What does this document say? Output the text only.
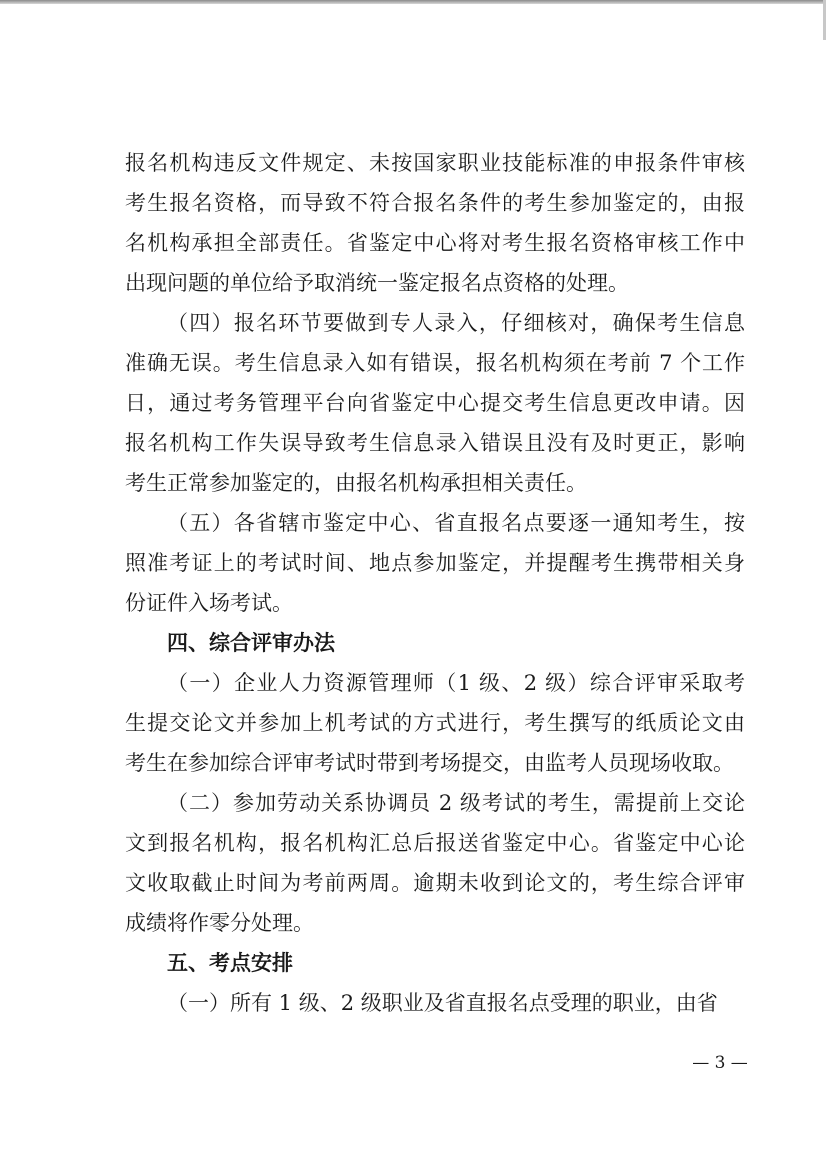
报名机构违反文件规定、未按国家职业技能标准的申报条件审核
考生报名资格，而导致不符合报名条件的考生参加鉴定的，由报
名机构承担全部责任。省鉴定中心将对考生报名资格审核工作中
出现问题的单位给予取消统一鉴定报名点资格的处理。
（四）报名环节要做到专人录入，仔细核对，确保考生信息
准确无误。考生信息录入如有错误，报名机构须在考前 7 个工作
日，通过考务管理平台向省鉴定中心提交考生信息更改申请。因
报名机构工作失误导致考生信息录入错误且没有及时更正，影响
考生正常参加鉴定的，由报名机构承担相关责任。
（五）各省辖市鉴定中心、省直报名点要逐一通知考生，按
照准考证上的考试时间、地点参加鉴定，并提醒考生携带相关身
份证件入场考试。
四、综合评审办法
（一）企业人力资源管理师（1 级、2 级）综合评审采取考
生提交论文并参加上机考试的方式进行，考生撰写的纸质论文由
考生在参加综合评审考试时带到考场提交，由监考人员现场收取。
（二）参加劳动关系协调员 2 级考试的考生，需提前上交论
文到报名机构，报名机构汇总后报送省鉴定中心。省鉴定中心论
文收取截止时间为考前两周。逾期未收到论文的，考生综合评审
成绩将作零分处理。
五、考点安排
（一）所有 1 级、2 级职业及省直报名点受理的职业，由省
— 3 —
